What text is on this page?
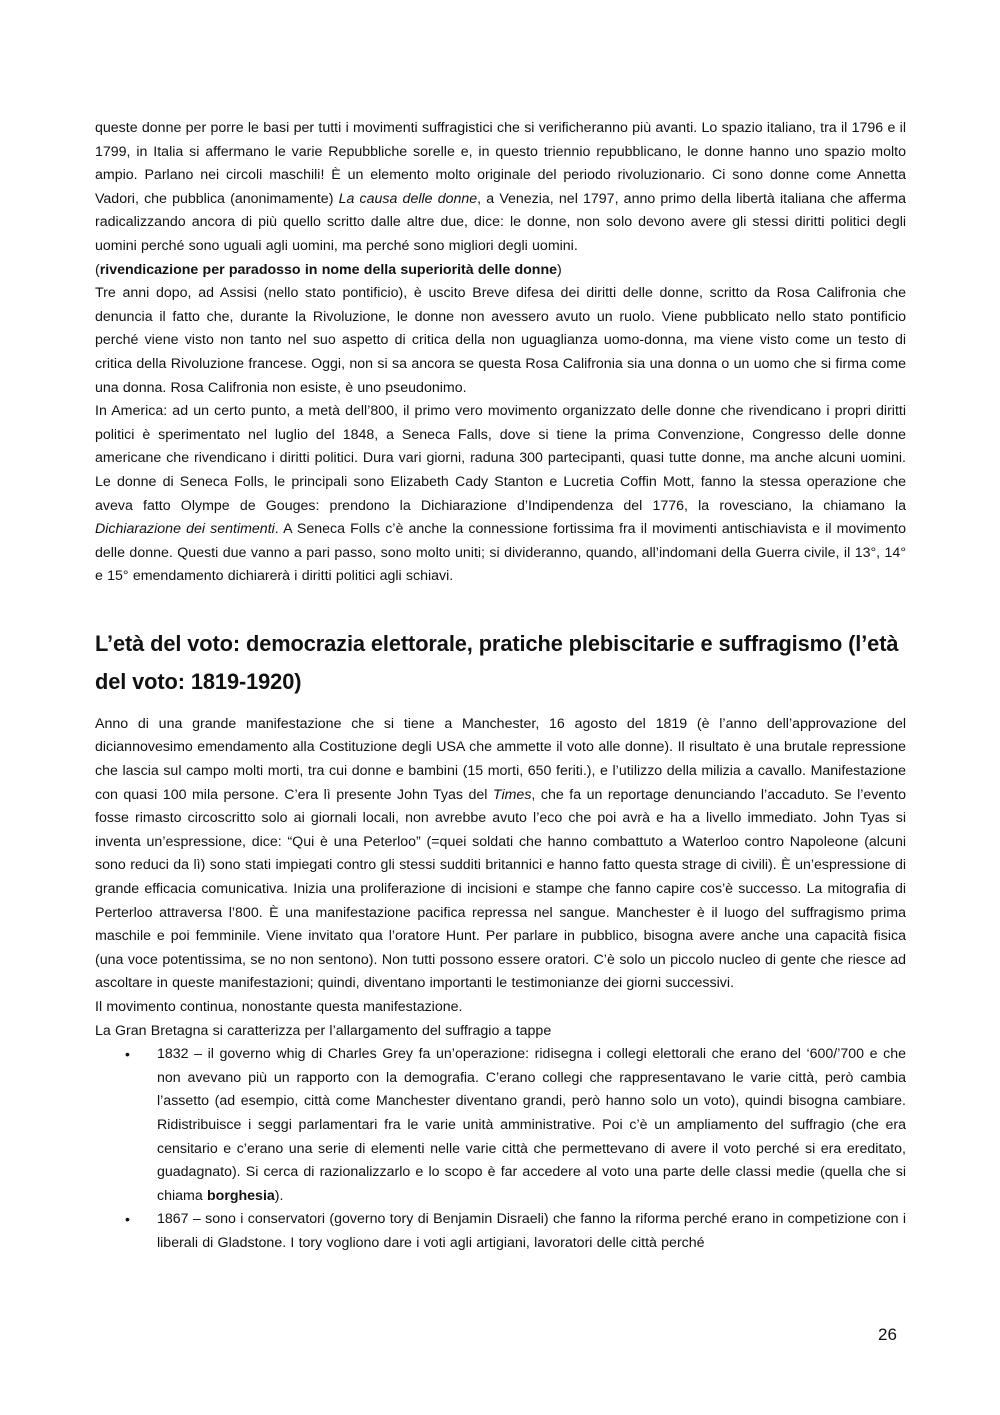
queste donne per porre le basi per tutti i movimenti suffragistici che si verificheranno più avanti. Lo spazio italiano, tra il 1796 e il 1799, in Italia si affermano le varie Repubbliche sorelle e, in questo triennio repubblicano, le donne hanno uno spazio molto ampio. Parlano nei circoli maschili! È un elemento molto originale del periodo rivoluzionario. Ci sono donne come Annetta Vadori, che pubblica (anonimamente) La causa delle donne, a Venezia, nel 1797, anno primo della libertà italiana che afferma radicalizzando ancora di più quello scritto dalle altre due, dice: le donne, non solo devono avere gli stessi diritti politici degli uomini perché sono uguali agli uomini, ma perché sono migliori degli uomini.
(rivendicazione per paradosso in nome della superiorità delle donne)

Tre anni dopo, ad Assisi (nello stato pontificio), è uscito Breve difesa dei diritti delle donne, scritto da Rosa Califronia che denuncia il fatto che, durante la Rivoluzione, le donne non avessero avuto un ruolo. Viene pubblicato nello stato pontificio perché viene visto non tanto nel suo aspetto di critica della non uguaglianza uomo-donna, ma viene visto come un testo di critica della Rivoluzione francese. Oggi, non si sa ancora se questa Rosa Califronia sia una donna o un uomo che si firma come una donna. Rosa Califronia non esiste, è uno pseudonimo.

In America: ad un certo punto, a metà dell’800, il primo vero movimento organizzato delle donne che rivendicano i propri diritti politici è sperimentato nel luglio del 1848, a Seneca Falls, dove si tiene la prima Convenzione, Congresso delle donne americane che rivendicano i diritti politici. Dura vari giorni, raduna 300 partecipanti, quasi tutte donne, ma anche alcuni uomini. Le donne di Seneca Folls, le principali sono Elizabeth Cady Stanton e Lucretia Coffin Mott, fanno la stessa operazione che aveva fatto Olympe de Gouges: prendono la Dichiarazione d’Indipendenza del 1776, la rovesciano, la chiamano la Dichiarazione dei sentimenti. A Seneca Folls c’è anche la connessione fortissima fra il movimenti antischiavista e il movimento delle donne. Questi due vanno a pari passo, sono molto uniti; si divideranno, quando, all’indomani della Guerra civile, il 13°, 14° e 15° emendamento dichiarerà i diritti politici agli schiavi.

L’età del voto: democrazia elettorale, pratiche plebiscitarie e suffragismo (l’età del voto: 1819-1920)

Anno di una grande manifestazione che si tiene a Manchester, 16 agosto del 1819 (è l’anno dell’approvazione del diciannovesimo emendamento alla Costituzione degli USA che ammette il voto alle donne). Il risultato è una brutale repressione che lascia sul campo molti morti, tra cui donne e bambini (15 morti, 650 feriti.), e l’utilizzo della milizia a cavallo. Manifestazione con quasi 100 mila persone. C’era lì presente John Tyas del Times, che fa un reportage denunciando l’accaduto. Se l’evento fosse rimasto circoscritto solo ai giornali locali, non avrebbe avuto l’eco che poi avrà e ha a livello immediato. John Tyas si inventa un’espressione, dice: “Qui è una Peterloo” (=quei soldati che hanno combattuto a Waterloo contro Napoleone (alcuni sono reduci da lì) sono stati impiegati contro gli stessi sudditi britannici e hanno fatto questa strage di civili). È un’espressione di grande efficacia comunicativa. Inizia una proliferazione di incisioni e stampe che fanno capire cos’è successo. La mitografia di Perterloo attraversa l’800. È una manifestazione pacifica repressa nel sangue. Manchester è il luogo del suffragismo prima maschile e poi femminile. Viene invitato qua l’oratore Hunt. Per parlare in pubblico, bisogna avere anche una capacità fisica (una voce potentissima, se no non sentono). Non tutti possono essere oratori. C’è solo un piccolo nucleo di gente che riesce ad ascoltare in queste manifestazioni; quindi, diventano importanti le testimonianze dei giorni successivi.

Il movimento continua, nonostante questa manifestazione.

La Gran Bretagna si caratterizza per l’allargamento del suffragio a tappe

• 1832 – il governo whig di Charles Grey fa un’operazione: ridisegna i collegi elettorali che erano del ‘600/’700 e che non avevano più un rapporto con la demografia. C’erano collegi che rappresentavano le varie città, però cambia l’assetto (ad esempio, città come Manchester diventano grandi, però hanno solo un voto), quindi bisogna cambiare. Ridistribuisce i seggi parlamentari fra le varie unità amministrative. Poi c’è un ampliamento del suffragio (che era censitario e c’erano una serie di elementi nelle varie città che permettevano di avere il voto perché si era ereditato, guadagnato). Si cerca di razionalizzarlo e lo scopo è far accedere al voto una parte delle classi medie (quella che si chiama borghesia).
• 1867 – sono i conservatori (governo tory di Benjamin Disraeli) che fanno la riforma perché erano in competizione con i liberali di Gladstone. I tory vogliono dare i voti agli artigiani, lavoratori delle città perché
26
